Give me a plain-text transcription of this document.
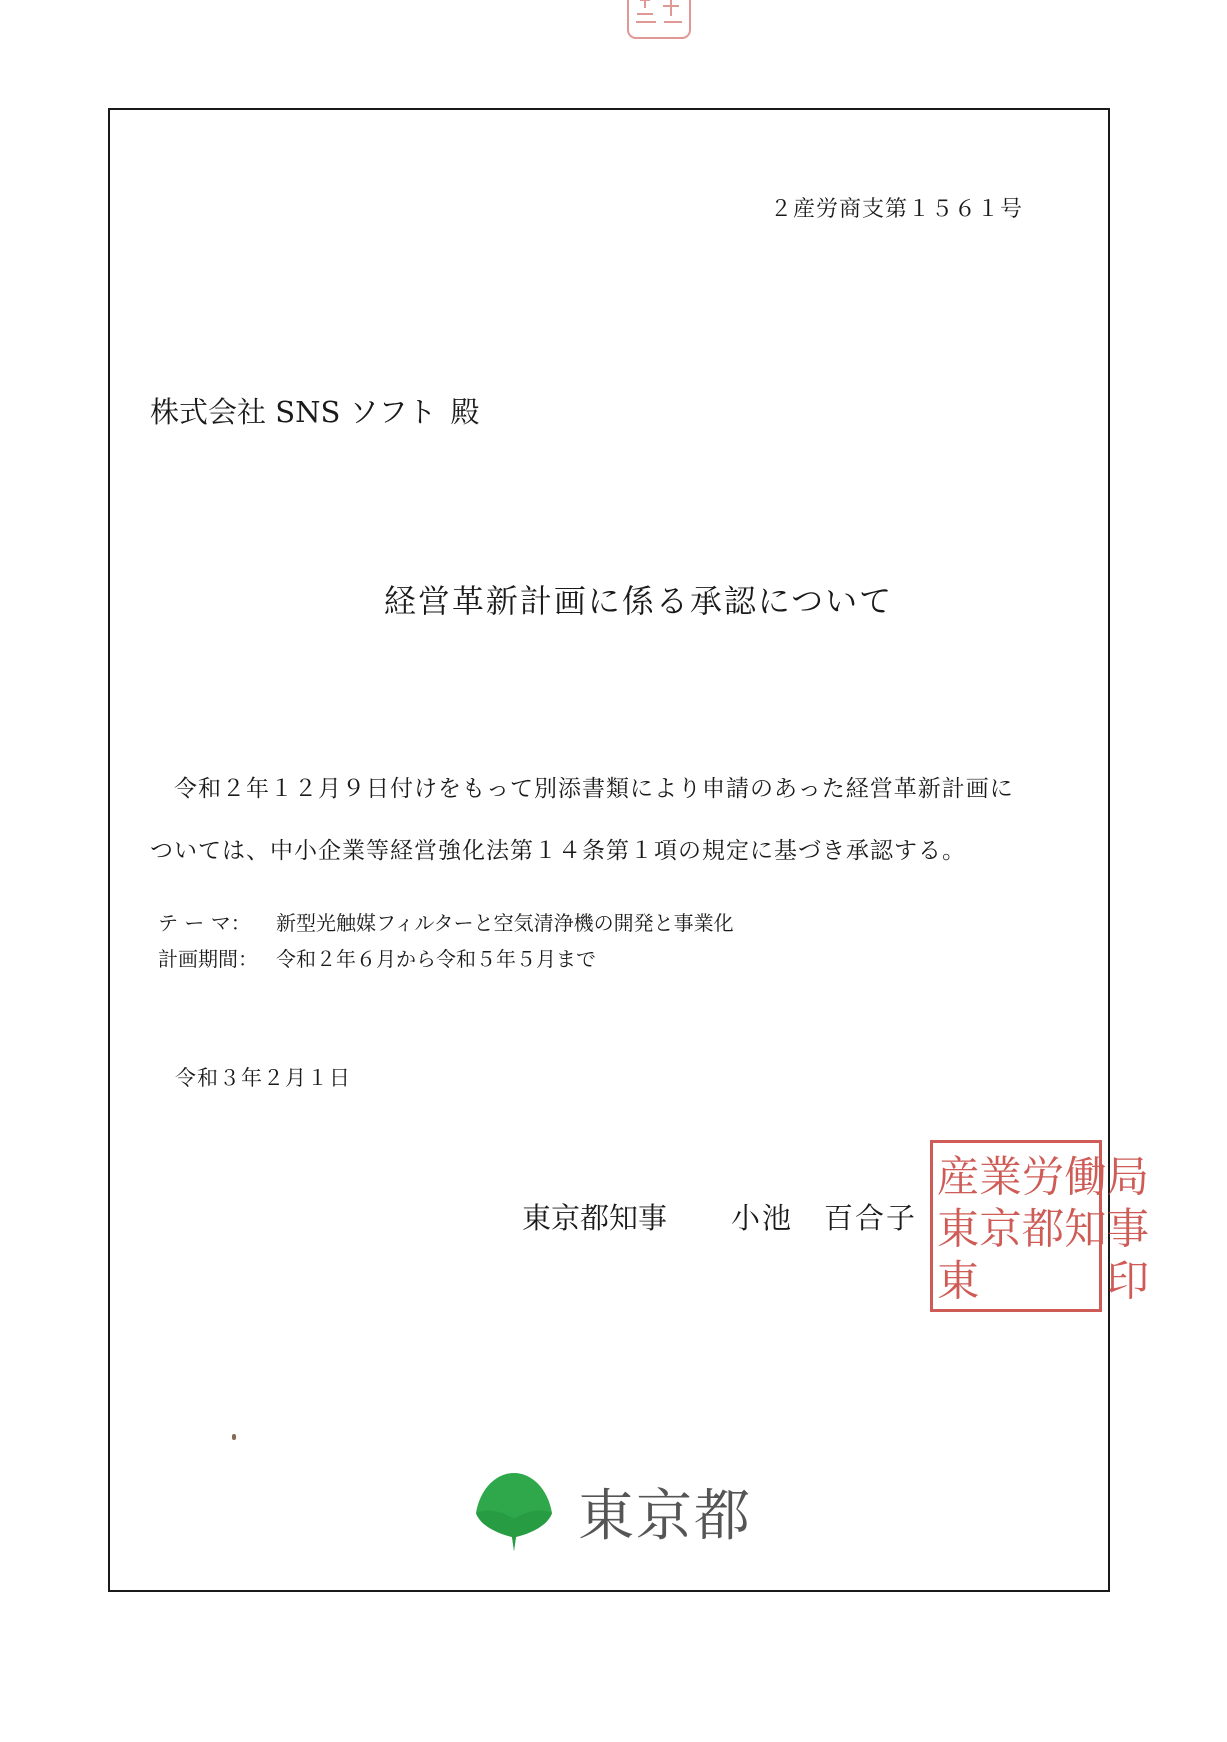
２産労商支第１５６１号
株式会社 SNS ソフト 殿
経営革新計画に係る承認について
令和２年１２月９日付けをもって別添書類により申請のあった経営革新計画に
ついては、中小企業等経営強化法第１４条第１項の規定に基づき承認する。
テ ー マ：	新型光触媒フィルターと空気清浄機の開発と事業化
計画期間： 令和２年６月から令和５年５月まで
令和３年２月１日
東京都知事 小池　百合子
産業労働局
東京都知事
東　　　印
東京都
